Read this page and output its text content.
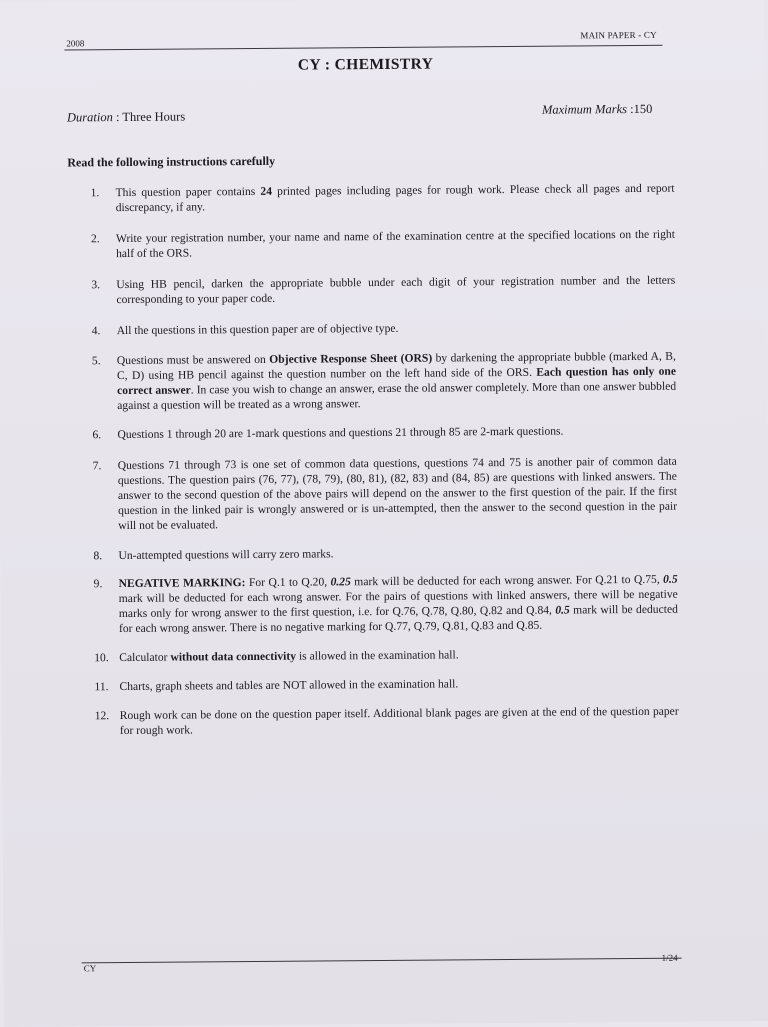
2008
MAIN PAPER - CY
CY : CHEMISTRY
Duration : Three Hours
Maximum Marks :150
Read the following instructions carefully
1. This question paper contains 24 printed pages including pages for rough work. Please check all pages and report discrepancy, if any.
2. Write your registration number, your name and name of the examination centre at the specified locations on the right half of the ORS.
3. Using HB pencil, darken the appropriate bubble under each digit of your registration number and the letters corresponding to your paper code.
4. All the questions in this question paper are of objective type.
5. Questions must be answered on Objective Response Sheet (ORS) by darkening the appropriate bubble (marked A, B, C, D) using HB pencil against the question number on the left hand side of the ORS. Each question has only one correct answer. In case you wish to change an answer, erase the old answer completely. More than one answer bubbled against a question will be treated as a wrong answer.
6. Questions 1 through 20 are 1-mark questions and questions 21 through 85 are 2-mark questions.
7. Questions 71 through 73 is one set of common data questions, questions 74 and 75 is another pair of common data questions. The question pairs (76, 77), (78, 79), (80, 81), (82, 83) and (84, 85) are questions with linked answers. The answer to the second question of the above pairs will depend on the answer to the first question of the pair. If the first question in the linked pair is wrongly answered or is un-attempted, then the answer to the second question in the pair will not be evaluated.
8. Un-attempted questions will carry zero marks.
9. NEGATIVE MARKING: For Q.1 to Q.20, 0.25 mark will be deducted for each wrong answer. For Q.21 to Q.75, 0.5 mark will be deducted for each wrong answer. For the pairs of questions with linked answers, there will be negative marks only for wrong answer to the first question, i.e. for Q.76, Q.78, Q.80, Q.82 and Q.84, 0.5 mark will be deducted for each wrong answer. There is no negative marking for Q.77, Q.79, Q.81, Q.83 and Q.85.
10. Calculator without data connectivity is allowed in the examination hall.
11. Charts, graph sheets and tables are NOT allowed in the examination hall.
12. Rough work can be done on the question paper itself. Additional blank pages are given at the end of the question paper for rough work.
CY
1/24
